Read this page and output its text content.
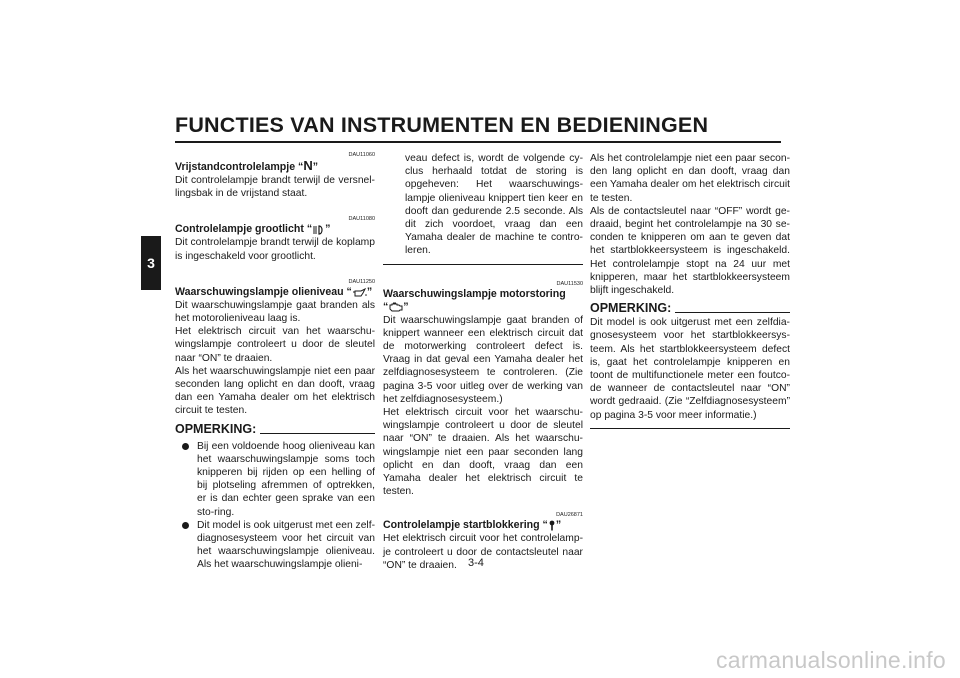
FUNCTIES VAN INSTRUMENTEN EN BEDIENINGEN
3
DAU11060
Vrijstandcontrolelampje “N”

Dit controlelampje brandt terwijl de versnel-lingsbak in de vrijstand staat.

DAU11080
Controlelampje grootlicht “ ”

Dit controlelampje brandt terwijl de koplamp is ingeschakeld voor grootlicht.

DAU11250
Waarschuwingslampje olieniveau “ ”

Dit waarschuwingslampje gaat branden als het motorolieniveau laag is.

Het elektrisch circuit van het waarschu-wingslampje controleert u door de sleutel naar “ON” te draaien.

Als het waarschuwingslampje niet een paar seconden lang oplicht en dan dooft, vraag dan een Yamaha dealer om het elektrisch circuit te testen.

OPMERKING:

Bij een voldoende hoog olieniveau kan het waarschuwingslampje soms toch knipperen bij rijden op een helling of bij plotseling afremmen of optrekken, er is dan echter geen sprake van een sto-ring.

Dit model is ook uitgerust met een zelf-diagnosesysteem voor het circuit van het waarschuwingslampje olieniveau. Als het waarschuwingslampje olieni-

veau defect is, wordt de volgende cy-clus herhaald totdat de storing is opgeheven: Het waarschuwings-lampje olieniveau knippert tien keer en dooft dan gedurende 2.5 seconde. Als dit zich voordoet, vraag dan een Yamaha dealer de machine te contro-leren.

DAU11530
Waarschuwingslampje motorstoring
“ ”

Dit waarschuwingslampje gaat branden of knippert wanneer een elektrisch circuit dat de motorwerking controleert defect is. Vraag in dat geval een Yamaha dealer het zelfdiagnosesysteem te controleren. (Zie pagina 3-5 voor uitleg over de werking van het zelfdiagnosesysteem.)

Het elektrisch circuit voor het waarschu-wingslampje controleert u door de sleutel naar “ON” te draaien. Als het waarschu-wingslampje niet een paar seconden lang oplicht en dan dooft, vraag dan een Yamaha dealer het elektrisch circuit te testen.

DAU26871
Controlelampje startblokkering “ ”

Het elektrisch circuit voor het controlelamp-je controleert u door de contactsleutel naar “ON” te draaien.

Als het controlelampje niet een paar secon-den lang oplicht en dan dooft, vraag dan een Yamaha dealer om het elektrisch circuit te testen.

Als de contactsleutel naar “OFF” wordt ge-draaid, begint het controlelampje na 30 se-conden te knipperen om aan te geven dat het startblokkeersysteem is ingeschakeld. Het controlelampje stopt na 24 uur met knipperen, maar het startblokkeersysteem blijft ingeschakeld.

OPMERKING:

Dit model is ook uitgerust met een zelfdia-gnosesysteem voor het startblokkeersys-teem. Als het startblokkeersysteem defect is, gaat het controlelampje knipperen en toont de multifunctionele meter een foutco-de wanneer de contactsleutel naar “ON” wordt gedraaid. (Zie “Zelfdiagnosesysteem” op pagina 3-5 voor meer informatie.)

3-4
carmanualsonline.info
